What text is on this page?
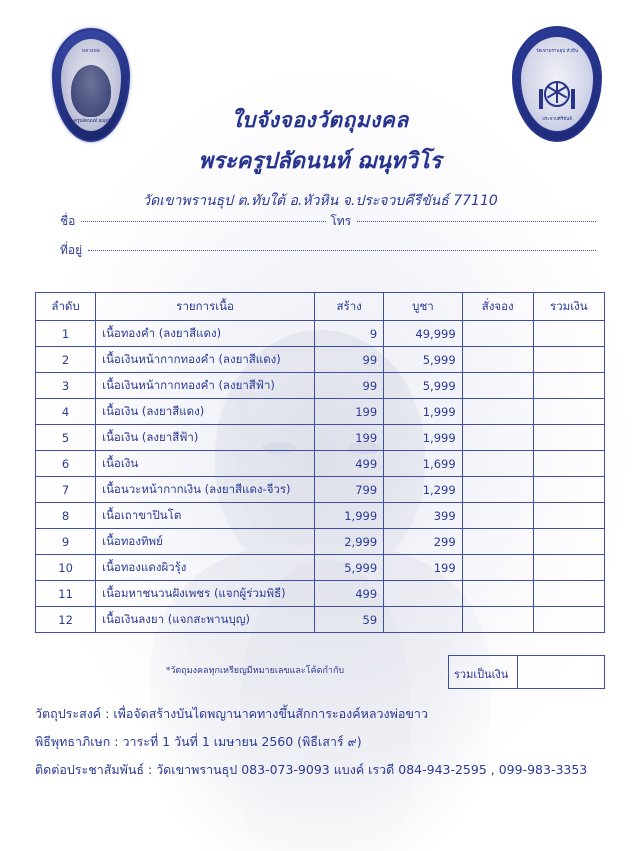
หลวงพ่อ
พระครูปลัดนนท์ ฌนุทวิโร
วัดเขาพรานธุป หัวหิน
ประจวบคีรีขันธ์
ใบจังจองวัตถุมงคล
พระครูปลัดนนท์ ฌนุทวิโร
วัดเขาพรานธุป ต.ทับใต้ อ.หัวหิน จ.ประจวบคีรีขันธ์ 77110
ชื่อ	โทร
ที่อยู่
ลำดับ	รายการเนื้อ	สร้าง	บูชา	สั่งจอง	รวมเงิน
1	เนื้อทองคำ (ลงยาสีแดง)	9	49,999		
2	เนื้อเงินหน้ากากทองคำ (ลงยาสีแดง)	99	5,999		
3	เนื้อเงินหน้ากากทองคำ (ลงยาสีฟ้า)	99	5,999		
4	เนื้อเงิน (ลงยาสีแดง)	199	1,999		
5	เนื้อเงิน (ลงยาสีฟ้า)	199	1,999		
6	เนื้อเงิน	499	1,699		
7	เนื้อนวะหน้ากากเงิน (ลงยาสีแดง-จีวร)	799	1,299		
8	เนื้อเถาขาปินโต	1,999	399		
9	เนื้อทองทิพย์	2,999	299		
10	เนื้อทองแดงผิวรุ้ง	5,999	199		
11	เนื้อมหาชนวนฝังเพชร (แจกผู้ร่วมพิธี)	499			
12	เนื้อเงินลงยา (แจกสะพานบุญ)	59			
*วัตถุมงคลทุกเหรียญมีหมายเลขและโค้ดกำกับ	รวมเป็นเงิน
วัตถุประสงค์ : เพื่อจัดสร้างบันไดพญานาคทางขึ้นสักการะองค์หลวงพ่อขาว
พิธีพุทธาภิเษก : วาระที่ 1 วันที่ 1 เมษายน 2560 (พิธีเสาร์ ๙)
ติดต่อประชาสัมพันธ์ : วัดเขาพรานธุป 083-073-9093 แบงค์ เรวดี 084-943-2595 , 099-983-3353
